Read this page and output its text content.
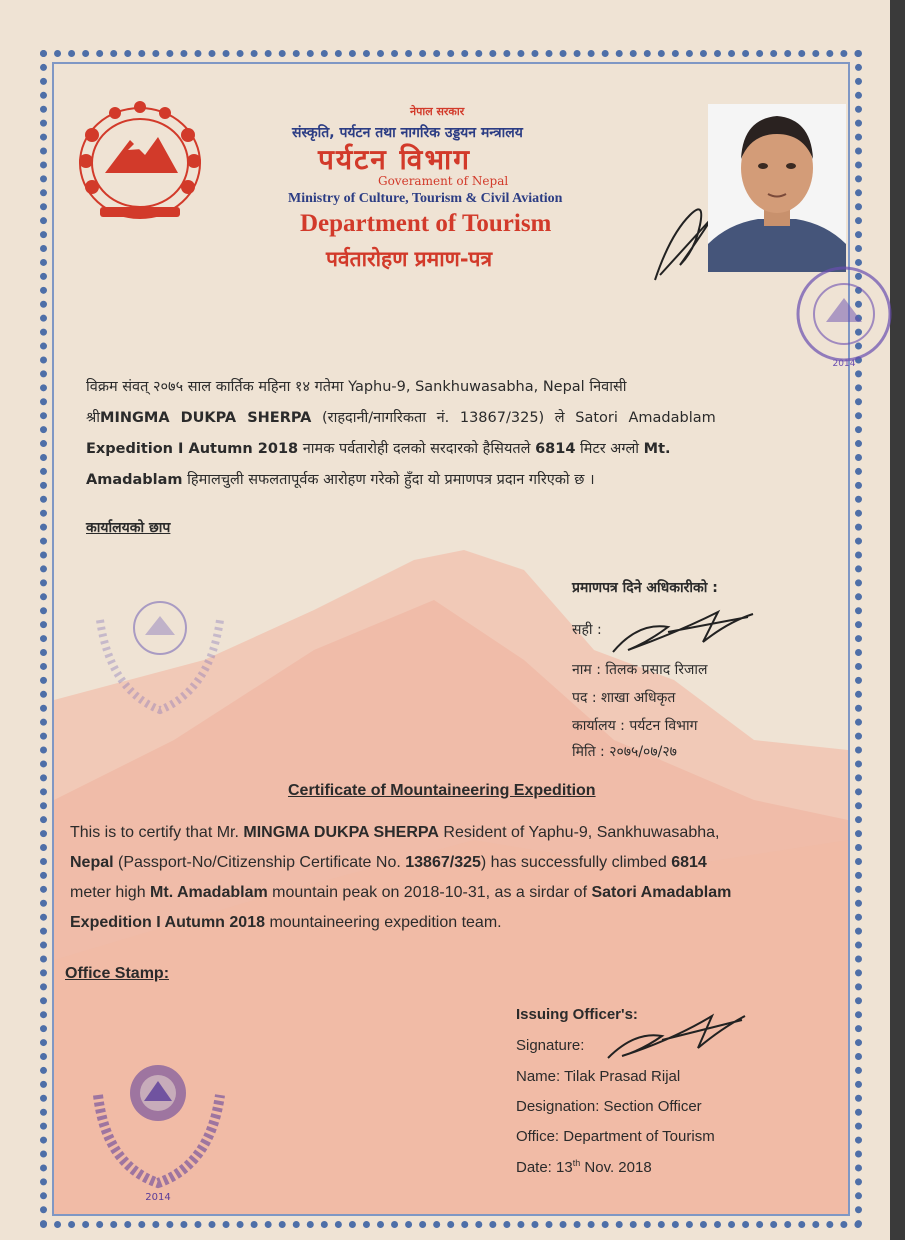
नेपाल सरकार
संस्कृति, पर्यटन तथा नागरिक उड्डयन मन्त्रालय
पर्यटन विभाग
Goverament of Nepal
Ministry of Culture, Tourism & Civil Aviation
Department of Tourism
पर्वतारोहण प्रमाण-पत्र
2014
विक्रम संवत् २०७५ साल कार्तिक महिना १४ गतेमा Yaphu-9, Sankhuwasabha, Nepal निवासी
श्रीMINGMA DUKPA SHERPA (राहदानी/नागरिकता नं. 13867/325) ले Satori Amadablam
Expedition I Autumn 2018 नामक पर्वतारोही दलको सरदारको हैसियतले 6814 मिटर अग्लो Mt.
Amadablam हिमालचुली सफलतापूर्वक आरोहण गरेको हुँदा यो प्रमाणपत्र प्रदान गरिएको छ ।
कार्यालयको छाप
प्रमाणपत्र दिने अधिकारीको :
सही :
नाम : तिलक प्रसाद रिजाल
पद : शाखा अधिकृत
कार्यालय : पर्यटन विभाग
मिति : २०७५/०७/२७
Certificate of Mountaineering Expedition
This is to certify that Mr. MINGMA DUKPA SHERPA Resident of Yaphu-9, Sankhuwasabha,
Nepal (Passport-No/Citizenship Certificate No. 13867/325) has successfully climbed 6814
meter high Mt. Amadablam mountain peak on 2018-10-31, as a sirdar of Satori Amadablam
Expedition I Autumn 2018 mountaineering expedition team.
Office Stamp:
2014
Issuing Officer's:
Signature:
Name: Tilak Prasad Rijal
Designation: Section Officer
Office: Department of Tourism
Date: 13th Nov. 2018
